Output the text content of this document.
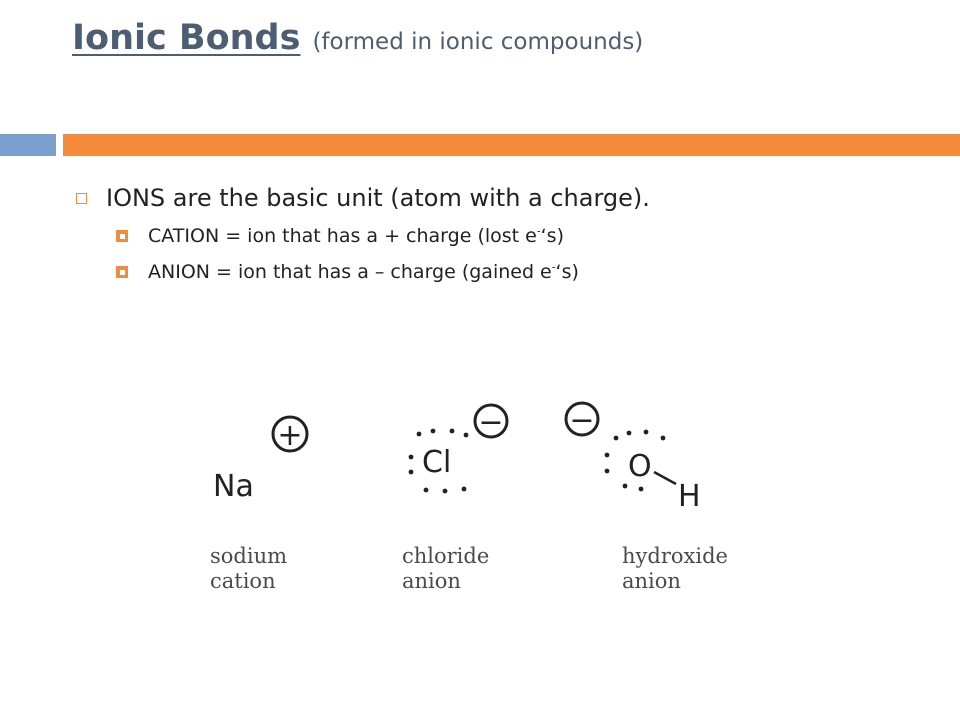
Ionic Bonds (formed in ionic compounds)
IONS are the basic unit (atom with a charge).
CATION = ion that has a + charge (lost e-‘s)
ANION = ion that has a – charge (gained e-‘s)
Na
+
sodium
cation
Cl
−
chloride
anion
−
O
H
hydroxide
anion
